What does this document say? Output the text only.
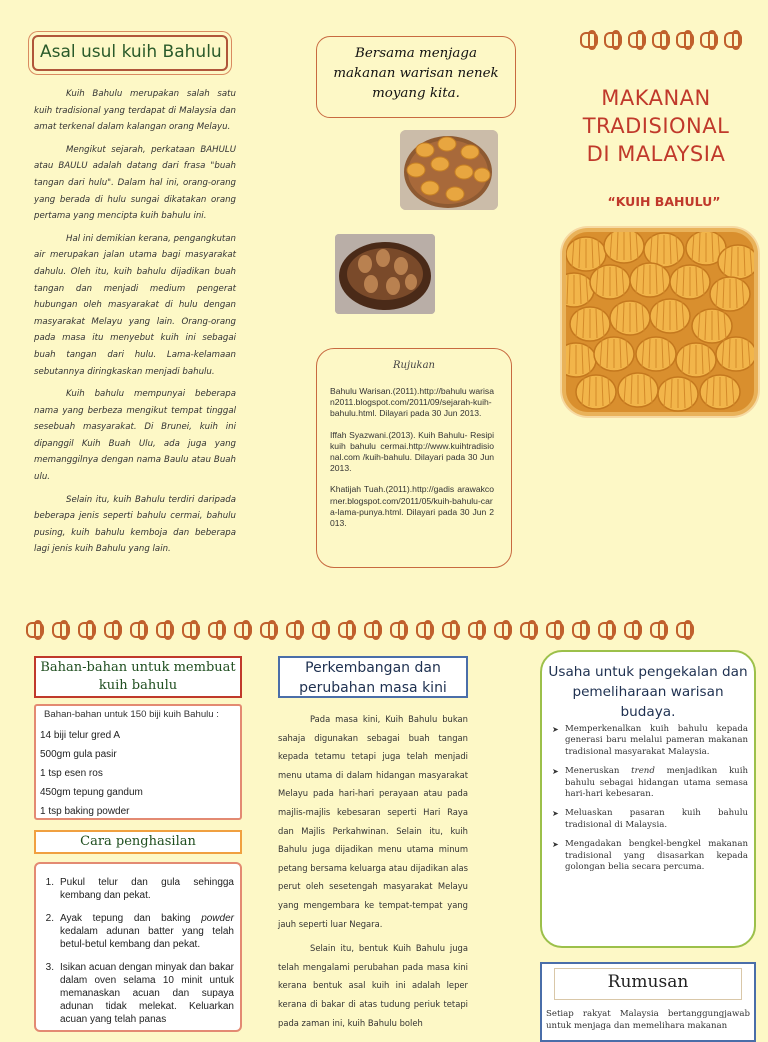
Asal usul kuih Bahulu

Kuih Bahulu merupakan salah satu kuih tradisional yang terdapat di Malaysia dan amat terkenal dalam kalangan orang Melayu.

Mengikut sejarah, perkataan BAHULU atau BAULU adalah datang dari frasa "buah tangan dari hulu". Dalam hal ini, orang-orang yang berada di hulu sungai dikatakan orang pertama yang mencipta kuih bahulu ini.

Hal ini demikian kerana, pengangkutan air merupakan jalan utama bagi masyarakat dahulu. Oleh itu, kuih bahulu dijadikan buah tangan dan menjadi medium pengerat hubungan oleh masyarakat di hulu dengan masyarakat Melayu yang lain. Orang-orang pada masa itu menyebut kuih ini sebagai buah tangan dari hulu. Lama-kelamaan sebutannya diringkaskan menjadi bahulu.

Kuih bahulu mempunyai beberapa nama yang berbeza mengikut tempat tinggal sesebuah masyarakat. Di Brunei, kuih ini dipanggil Kuih Buah Ulu, ada juga yang memanggilnya dengan nama Baulu atau Buah ulu.

Selain itu, kuih Bahulu terdiri daripada beberapa jenis seperti bahulu cermai, bahulu pusing, kuih bahulu kemboja dan beberapa lagi jenis kuih Bahulu yang lain.

Bersama menjaga makanan warisan nenek moyang kita.
Rujukan

Bahulu Warisan.(2011).http://bahulu warisan2011.blogspot.com/2011/09/sejarah-kuih-bahulu.html. Dilayari pada 30 Jun 2013.

Iffah Syazwani.(2013). Kuih Bahulu- Resipi kuih bahulu cermai.http://www.kuihtradisional.com /kuih-bahulu. Dilayari pada 30 Jun 2013.

Khatijah Tuah.(2011).http://gadis arawakcorner.blogspot.com/2011/05/kuih-bahulu-cara-lama-punya.html. Dilayari pada 30 Jun 2013.

MAKANAN
TRADISIONAL
DI MALAYSIA
“KUIH BAHULU”
Bahan-bahan untuk membuat kuih bahulu
Bahan-bahan untuk 150 biji kuih Bahulu :
14 biji telur gred A
500gm gula pasir
1 tsp esen ros
450gm tepung gandum
1 tsp baking powder
Cara penghasilan
1. Pukul telur dan gula sehingga kembang dan pekat.
2. Ayak tepung dan baking powder kedalam adunan batter yang telah betul-betul kembang dan pekat.
3. Isikan acuan dengan minyak dan bakar dalam oven selama 10 minit untuk memanaskan acuan dan supaya adunan tidak melekat. Keluarkan acuan yang telah panas
Perkembangan dan perubahan masa kini

Pada masa kini, Kuih Bahulu bukan sahaja digunakan sebagai buah tangan kepada tetamu tetapi juga telah menjadi menu utama di dalam hidangan masyarakat Melayu pada hari-hari perayaan atau pada majlis-majlis kebesaran seperti Hari Raya dan Majlis Perkahwinan. Selain itu, kuih Bahulu juga dijadikan menu utama minum petang bersama keluarga atau dijadikan alas perut oleh sesetengah masyarakat Melayu yang mengembara ke tempat-tempat yang jauh seperti luar Negara.

Selain itu, bentuk Kuih Bahulu juga telah mengalami perubahan pada masa kini kerana bentuk asal kuih ini adalah leper kerana di bakar di atas tudung periuk tetapi pada zaman ini, kuih Bahulu boleh

Usaha untuk pengekalan dan pemeliharaan warisan budaya.
➤ Memperkenalkan kuih bahulu kepada generasi baru melalui pameran makanan tradisional masyarakat Malaysia.
➤ Meneruskan trend menjadikan kuih bahulu sebagai hidangan utama semasa hari-hari kebesaran.
➤ Meluaskan pasaran kuih bahulu tradisional di Malaysia.
➤ Mengadakan bengkel-bengkel makanan tradisional yang disasarkan kepada golongan belia secara percuma.
Rumusan
Setiap rakyat Malaysia bertanggungjawab untuk menjaga dan memelihara makanan
